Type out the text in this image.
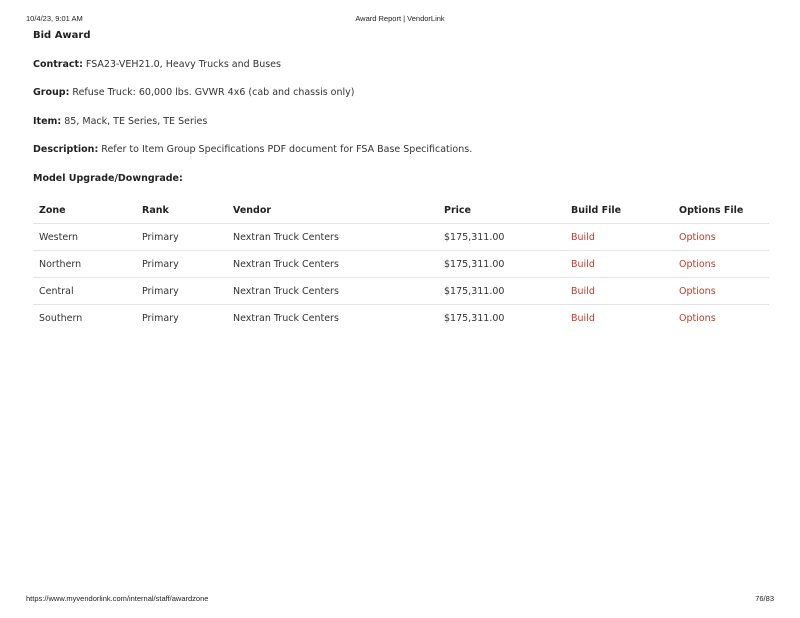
10/4/23, 9:01 AM	Award Report | VendorLink
Bid Award
Contract: FSA23-VEH21.0, Heavy Trucks and Buses
Group: Refuse Truck: 60,000 lbs. GVWR 4x6 (cab and chassis only)
Item: 85, Mack, TE Series, TE Series
Description: Refer to Item Group Specifications PDF document for FSA Base Specifications.
Model Upgrade/Downgrade:
Zone	Rank	Vendor	Price	Build File	Options File
Western	Primary	Nextran Truck Centers	$175,311.00	Build	Options
Northern	Primary	Nextran Truck Centers	$175,311.00	Build	Options
Central	Primary	Nextran Truck Centers	$175,311.00	Build	Options
Southern	Primary	Nextran Truck Centers	$175,311.00	Build	Options
https://www.myvendorlink.com/internal/staff/awardzone	76/83
